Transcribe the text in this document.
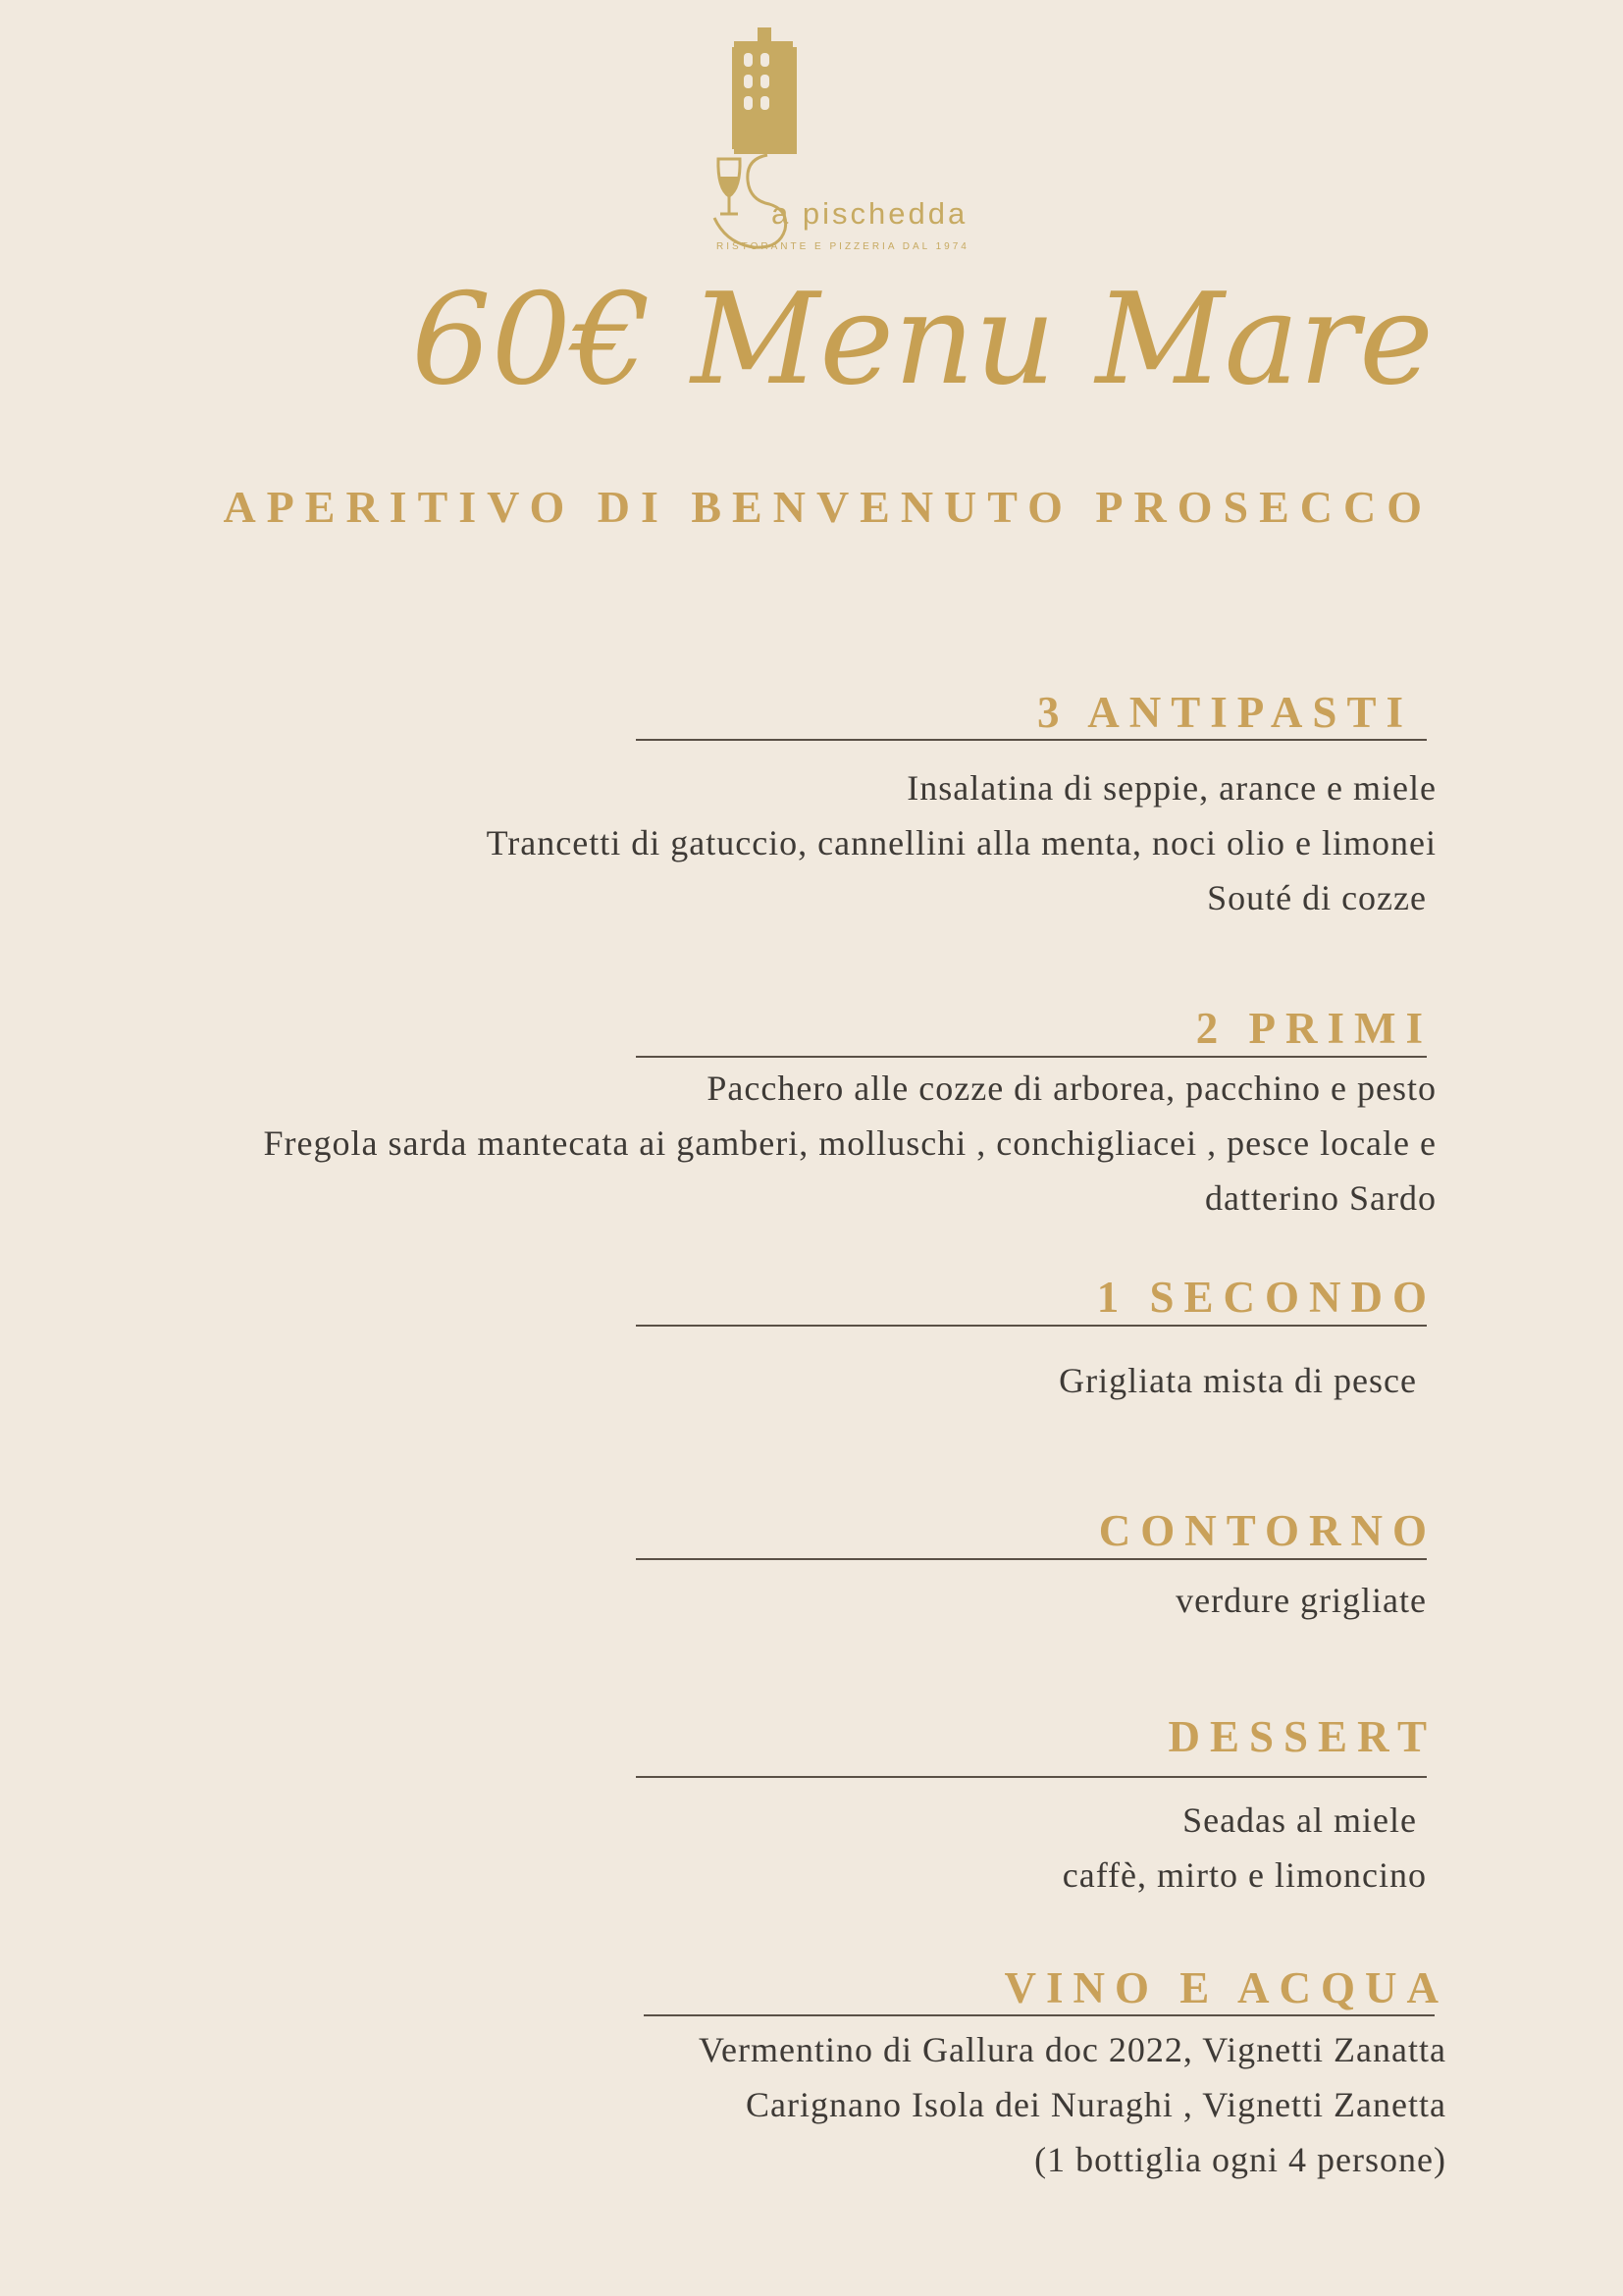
a pischedda
RISTORANTE E PIZZERIA DAL 1974
60€ Menu Mare
APERITIVO DI BENVENUTO PROSECCO
3 ANTIPASTI
Insalatina di seppie, arance e miele
Trancetti di gatuccio, cannellini alla menta, noci olio e limonei
Souté di cozze
2 PRIMI
Pacchero alle cozze di arborea, pacchino e pesto
Fregola sarda mantecata ai gamberi, molluschi , conchigliacei , pesce locale e
datterino Sardo
1 SECONDO
Grigliata mista di pesce
CONTORNO
verdure grigliate
DESSERT
Seadas al miele
caffè, mirto e limoncino
VINO E ACQUA
Vermentino di Gallura doc 2022, Vignetti Zanatta
Carignano Isola dei Nuraghi , Vignetti Zanetta
(1 bottiglia ogni 4 persone)
